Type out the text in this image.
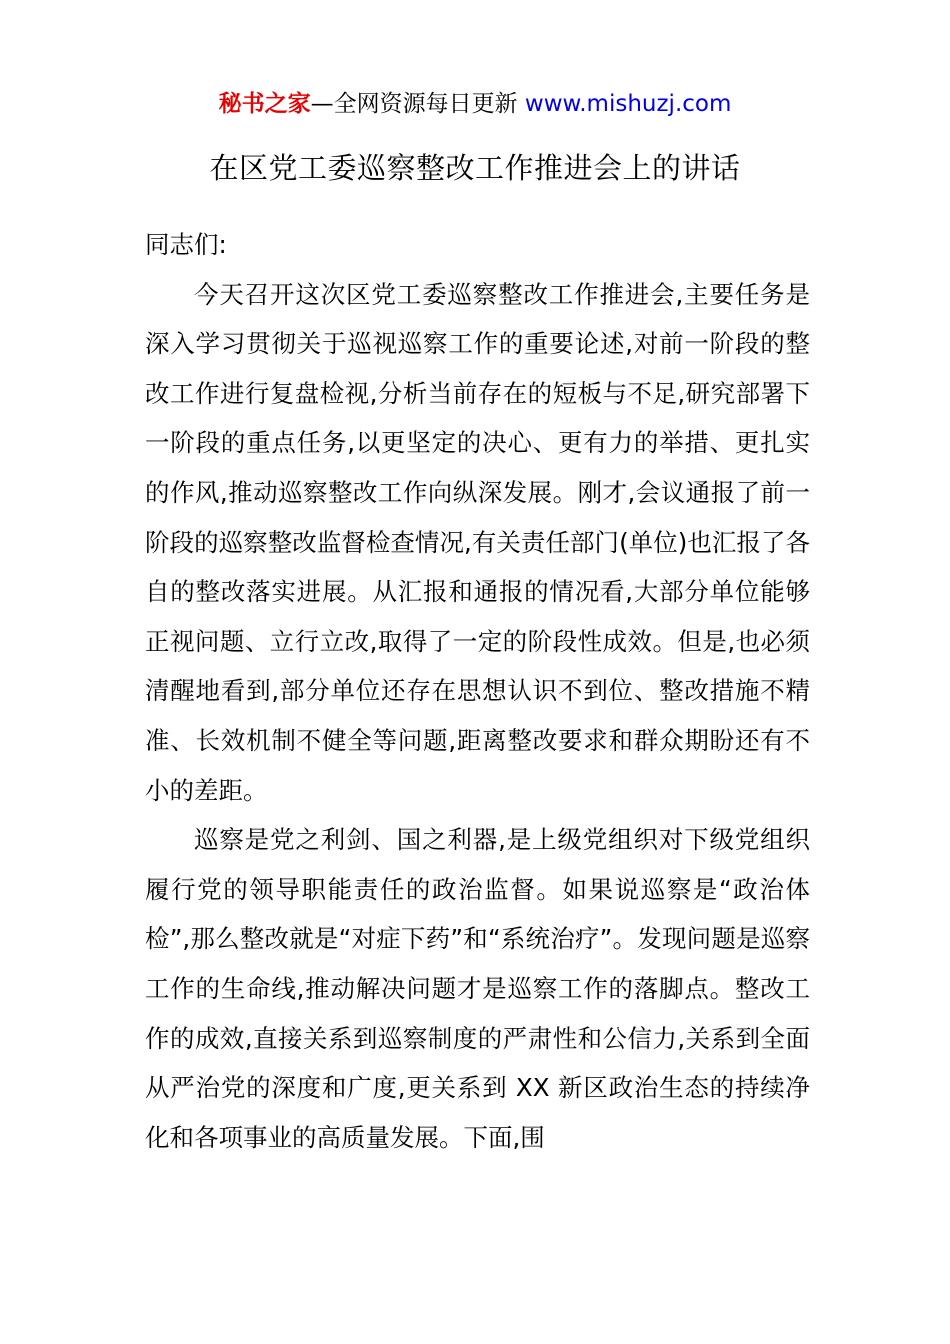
秘书之家—全网资源每日更新 www.mishuzj.com
在区党工委巡察整改工作推进会上的讲话

同志们:

今天召开这次区党工委巡察整改工作推进会,主要任务是深入学习贯彻关于巡视巡察工作的重要论述,对前一阶段的整改工作进行复盘检视,分析当前存在的短板与不足,研究部署下一阶段的重点任务,以更坚定的决心、更有力的举措、更扎实的作风,推动巡察整改工作向纵深发展。刚才,会议通报了前一阶段的巡察整改监督检查情况,有关责任部门(单位)也汇报了各自的整改落实进展。从汇报和通报的情况看,大部分单位能够正视问题、立行立改,取得了一定的阶段性成效。但是,也必须清醒地看到,部分单位还存在思想认识不到位、整改措施不精准、长效机制不健全等问题,距离整改要求和群众期盼还有不小的差距。

巡察是党之利剑、国之利器,是上级党组织对下级党组织履行党的领导职能责任的政治监督。如果说巡察是“政治体检”,那么整改就是“对症下药”和“系统治疗”。发现问题是巡察工作的生命线,推动解决问题才是巡察工作的落脚点。整改工作的成效,直接关系到巡察制度的严肃性和公信力,关系到全面从严治党的深度和广度,更关系到 XX 新区政治生态的持续净化和各项事业的高质量发展。下面,围
